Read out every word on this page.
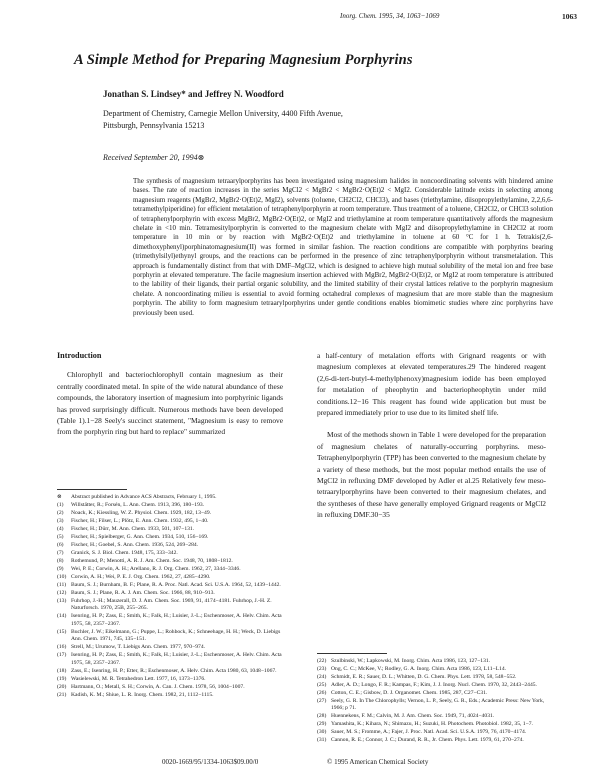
Inorg. Chem. 1995, 34, 1063−1069	1063
A Simple Method for Preparing Magnesium Porphyrins
Jonathan S. Lindsey* and Jeffrey N. Woodford
Department of Chemistry, Carnegie Mellon University, 4400 Fifth Avenue,
Pittsburgh, Pennsylvania 15213
Received September 20, 1994⊗

The synthesis of magnesium tetraarylporphyrins has been investigated using magnesium halides in noncoordinating solvents with hindered amine bases. The rate of reaction increases in the series MgCl2 < MgBr2 < MgBr2·O(Et)2 < MgI2. Considerable latitude exists in selecting among magnesium reagents (MgBr2, MgBr2·O(Et)2, MgI2), solvents (toluene, CH2Cl2, CHCl3), and bases (triethylamine, diisopropylethylamine, 2,2,6,6-tetramethylpiperidine) for efficient metalation of tetraphenylporphyrin at room temperature. Thus treatment of a toluene, CH2Cl2, or CHCl3 solution of tetraphenylporphyrin with excess MgBr2, MgBr2·O(Et)2, or MgI2 and triethylamine at room temperature quantitatively affords the magnesium chelate in <10 min. Tetramesitylporphyrin is converted to the magnesium chelate with MgI2 and diisopropylethylamine in CH2Cl2 at room temperature in 10 min or by reaction with MgBr2·O(Et)2 and triethylamine in toluene at 60 °C for 1 h. Tetrakis(2,6-dimethoxyphenyl)porphinatomagnesium(II) was formed in similar fashion. The reaction conditions are compatible with porphyrins bearing (trimethylsilyl)ethynyl groups, and the reactions can be performed in the presence of zinc tetraphenylporphyrin without transmetalation. This approach is fundamentally distinct from that with DMF–MgCl2, which is designed to achieve high mutual solubility of the metal ion and free base porphyrin at elevated temperature. The facile magnesium insertion achieved with MgBr2, MgBr2·O(Et)2, or MgI2 at room temperature is attributed to the lability of their ligands, their partial organic solubility, and the limited stability of their crystal lattices relative to the porphyrin magnesium chelate. A noncoordinating milieu is essential to avoid forming octahedral complexes of magnesium that are more stable than the magnesium porphyrin. The ability to form magnesium tetraarylporphyrins under gentle conditions enables biomimetic studies where zinc porphyrins have previously been used.

Introduction

Chlorophyll and bacteriochlorophyll contain magnesium as their centrally coordinated metal. In spite of the wide natural abundance of these compounds, the laboratory insertion of magnesium into porphyrinic ligands has proved surprisingly difficult. Numerous methods have been developed (Table 1).1−28 Seely's succinct statement, "Magnesium is easy to remove from the porphyrin ring but hard to replace" summarized

a half-century of metalation efforts with Grignard reagents or with magnesium complexes at elevated temperatures.29 The hindered reagent (2,6-di-tert-butyl-4-methylphenoxy)magnesium iodide has been employed for metalation of pheophytin and bacteriopheophytin under mild conditions.12−16 This reagent has found wide application but must be prepared immediately prior to use due to its limited shelf life.

Most of the methods shown in Table 1 were developed for the preparation of magnesium chelates of naturally-occurring porphyrins. meso-Tetraphenylporphyrin (TPP) has been converted to the magnesium chelate by a variety of these methods, but the most popular method entails the use of MgCl2 in refluxing DMF developed by Adler et al.25 Relatively few meso-tetraarylporphyrins have been converted to their magnesium chelates, and the syntheses of these have generally employed Grignard reagents or MgCl2 in refluxing DMF.30−35

⊗ Abstract published in Advance ACS Abstracts, February 1, 1995.

(1) Willstätter, R.; Forsén, L. Ann. Chem. 1913, 396, 180−193.

(2) Noack, K.; Kiessling, W. Z. Physiol. Chem. 1929, 182, 13−49.

(3) Fischer, H.; Filser, L.; Plötz, E. Ann. Chem. 1932, 495, 1−40.

(4) Fischer, H.; Dürr, M. Ann. Chem. 1933, 501, 107−131.

(5) Fischer, H.; Spielberger, G. Ann. Chem. 1934, 510, 156−169.

(6) Fischer, H.; Goebel, S. Ann. Chem. 1936, 524, 269−284.

(7) Granick, S. J. Biol. Chem. 1948, 175, 333−342.

(8) Rothemund, P.; Menotti, A. R. J. Am. Chem. Soc. 1948, 70, 1808−1812.

(9) Wei, P. E.; Corwin, A. H.; Arellano, R. J. Org. Chem. 1962, 27, 3344−3346.

(10) Corwin, A. H.; Wei, P. E. J. Org. Chem. 1962, 27, 4285−4290.

(11) Baum, S. J.; Burnham, B. F.; Plane, R. A. Proc. Natl. Acad. Sci. U.S.A. 1964, 52, 1439−1442.

(12) Baum, S. J.; Plane, R. A. J. Am. Chem. Soc. 1966, 88, 910−913.

(13) Fuhrhop, J.-H.; Mauzerall, D. J. Am. Chem. Soc. 1969, 91, 4174−4181. Fuhrhop, J.-H. Z. Naturforsch. 1970, 25B, 255−265.

(14) Isenring, H. P.; Zass, E.; Smith, K.; Falk, H.; Luisier, J.-L.; Eschenmoser, A. Helv. Chim. Acta 1975, 58, 2357−2367.

(15) Buchler, J. W.; Eikelmann, G.; Puppe, L.; Rohbock, K.; Schneehage, H. H.; Weck, D. Liebigs Ann. Chem. 1971, 745, 135−151.

(16) Strell, M.; Urumow, T. Liebigs Ann. Chem. 1977, 970−974.

(17) Isenring, H. P.; Zass, E.; Smith, K.; Falk, H.; Luisier, J.-L.; Eschenmoser, A. Helv. Chim. Acta 1975, 58, 2357−2367.

(18) Zass, E.; Isenring, H. P.; Etter, R.; Eschenmoser, A. Helv. Chim. Acta 1980, 63, 1048−1067.

(19) Wasielewski, M. R. Tetrahedron Lett. 1977, 16, 1373−1376.

(20) Hartmann, O.; Metall, S. H.; Corwin, A. Can. J. Chem. 1978, 56, 1004−1007.

(21) Kadish, K. M.; Shiue, L. R. Inorg. Chem. 1982, 21, 1112−1115.

(22) Szulbinski, W.; Lapkowski, M. Inorg. Chim. Acta 1986, 123, 127−131.

(23) Ong, C. C.; McKee, V.; Rodley, G. A. Inorg. Chim. Acta 1986, 123, L11−L14.

(24) Schmidt, E. R.; Sauer, D. L.; Whitten, D. G. Chem. Phys. Lett. 1978, 58, 548−552.

(25) Adler, A. D.; Longo, F. R.; Kampas, F.; Kim, J. J. Inorg. Nucl. Chem. 1970, 32, 2443−2445.

(26) Cotton, C. E.; Gisbow, D. J. Organomet. Chem. 1985, 287, C27−C31.

(27) Seely, G. R. In The Chlorophylls; Vernon, L. P., Seely, G. R., Eds.; Academic Press: New York, 1966; p 71.

(28) Huennekens, F. M.; Calvin, M. J. Am. Chem. Soc. 1949, 71, 4024−4031.

(29) Yamashita, K.; Kihara, N.; Shimazu, H.; Suzuki, H. Photochem. Photobiol. 1982, 35, 1−7.

(30) Sauer, M. S.; Fromme, A.; Fajer, J. Proc. Natl. Acad. Sci. U.S.A. 1979, 76, 4170−4174.

(31) Cannon, R. E.; Connor, J. C.; Durand, R. R., Jr. Chem. Phys. Lett. 1979, 61, 270−274.

0020-1669/95/1334-1063$09.00/0	© 1995 American Chemical Society
